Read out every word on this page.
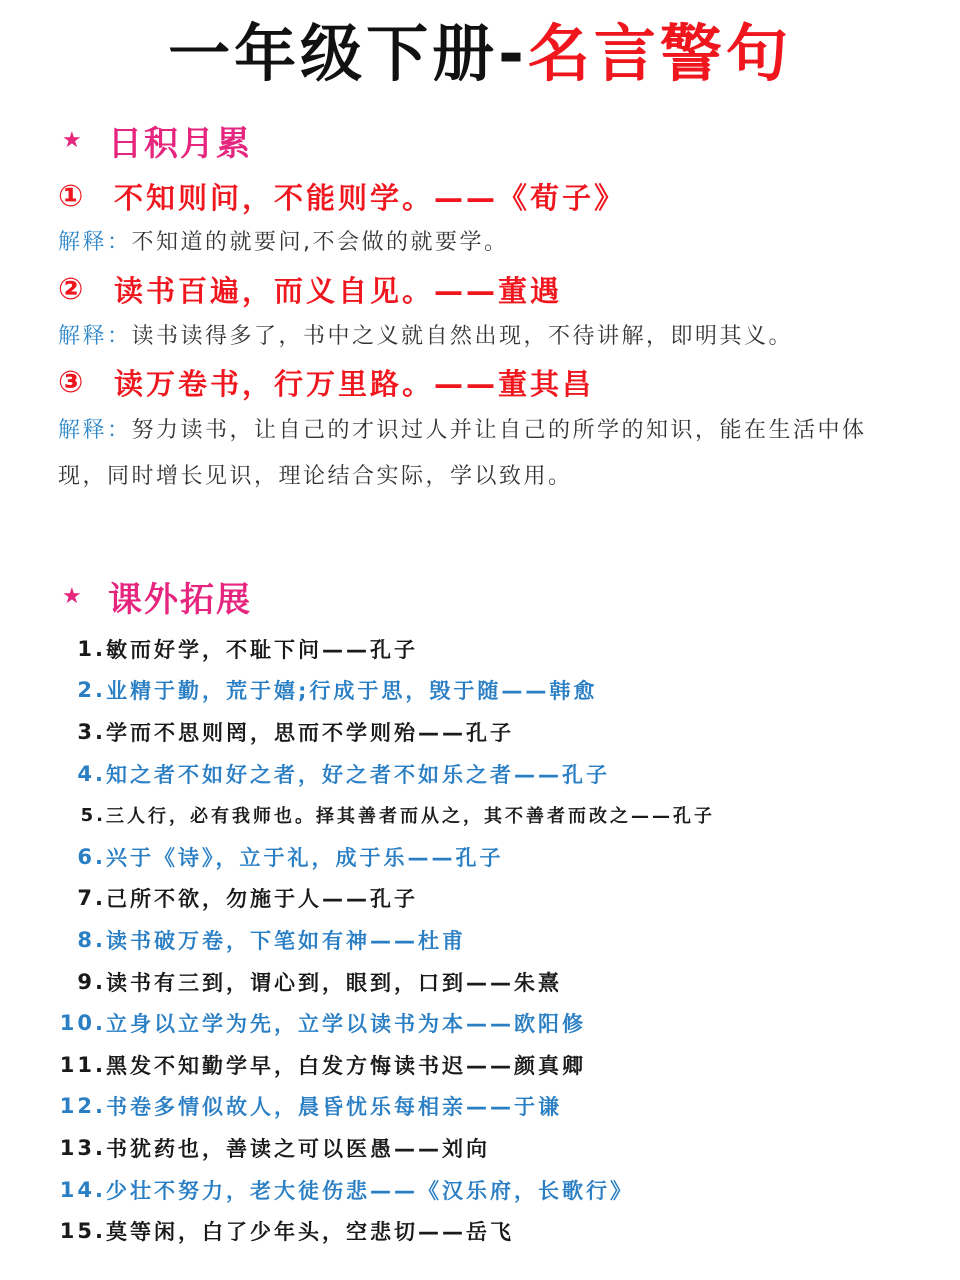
一年级下册-名言警句
★ 日积月累
① 不知则问，不能则学。——《荀子》
解释：不知道的就要问,不会做的就要学。
② 读书百遍，而义自见。——董遇
解释：读书读得多了，书中之义就自然出现，不待讲解，即明其义。
③ 读万卷书，行万里路。——董其昌
解释：努力读书，让自己的才识过人并让自己的所学的知识，能在生活中体现，同时增长见识，理论结合实际，学以致用。
★ 课外拓展
1. 敏而好学，不耻下问——孔子
2. 业精于勤，荒于嬉;行成于思，毁于随——韩愈
3. 学而不思则罔，思而不学则殆——孔子
4. 知之者不如好之者，好之者不如乐之者——孔子
5. 三人行，必有我师也。择其善者而从之，其不善者而改之——孔子
6. 兴于《诗》，立于礼，成于乐——孔子
7. 己所不欲，勿施于人——孔子
8. 读书破万卷，下笔如有神——杜甫
9. 读书有三到，谓心到，眼到，口到——朱熹
10. 立身以立学为先，立学以读书为本——欧阳修
11. 黑发不知勤学早，白发方悔读书迟——颜真卿
12. 书卷多情似故人，晨昏忧乐每相亲——于谦
13. 书犹药也，善读之可以医愚——刘向
14. 少壮不努力，老大徒伤悲——《汉乐府，长歌行》
15. 莫等闲，白了少年头，空悲切——岳飞
